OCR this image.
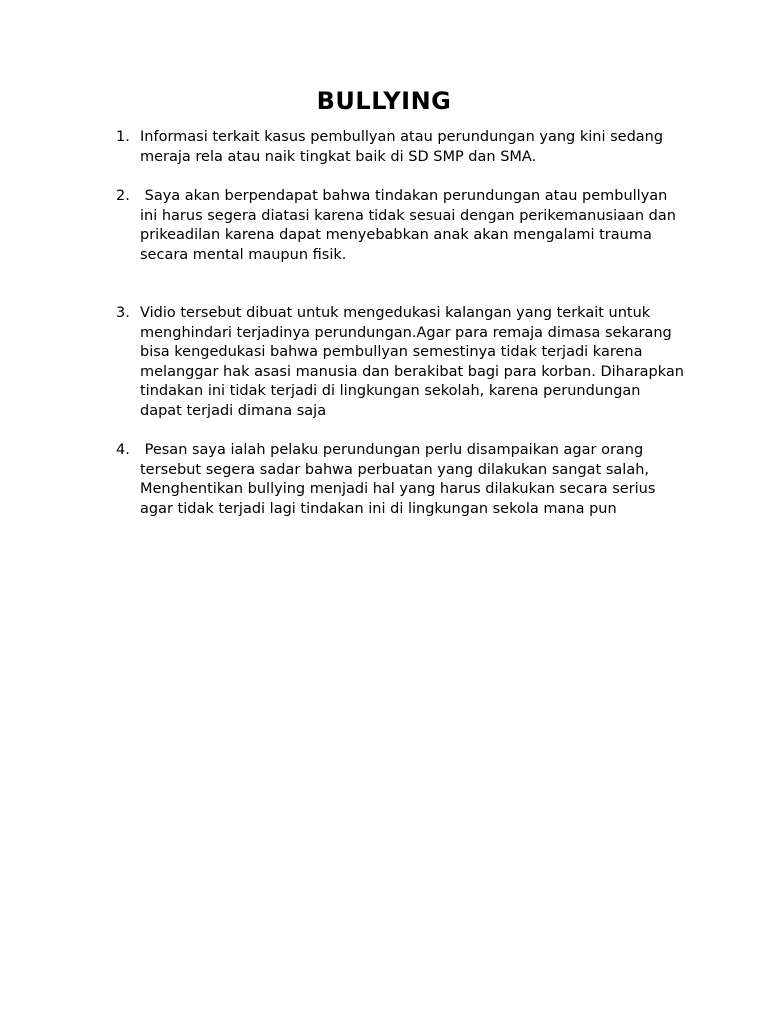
BULLYING
1. Informasi terkait kasus pembullyan atau perundungan yang kini sedang meraja rela atau naik tingkat baik di SD SMP dan SMA.
2. Saya akan berpendapat bahwa tindakan perundungan atau pembullyan ini harus segera diatasi karena tidak sesuai dengan perikemanusiaan dan prikeadilan karena dapat menyebabkan anak akan mengalami trauma secara mental maupun fisik.
3. Vidio tersebut dibuat untuk mengedukasi kalangan yang terkait untuk menghindari terjadinya perundungan.Agar para remaja dimasa sekarang bisa kengedukasi bahwa pembullyan semestinya tidak terjadi karena melanggar hak asasi manusia dan berakibat bagi para korban. Diharapkan tindakan ini tidak terjadi di lingkungan sekolah, karena perundungan dapat terjadi dimana saja
4. Pesan saya ialah pelaku perundungan perlu disampaikan agar orang tersebut segera sadar bahwa perbuatan yang dilakukan sangat salah, Menghentikan bullying menjadi hal yang harus dilakukan secara serius agar tidak terjadi lagi tindakan ini di lingkungan sekola mana pun
